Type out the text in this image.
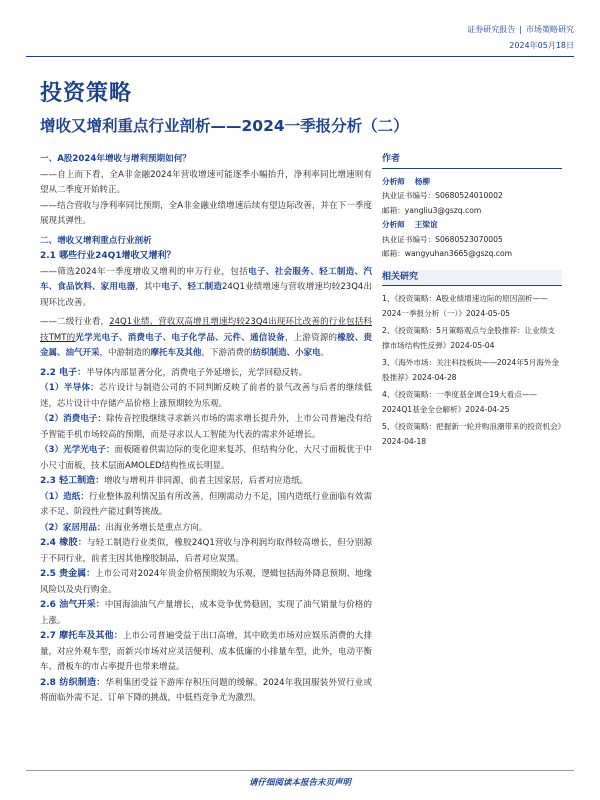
证券研究报告 | 市场策略研究
2024年05月18日
投资策略
增收又增利重点行业剖析——2024一季报分析（二）

一、A股2024年增收与增利预期如何？

——自上而下看，全A非金融2024年营收增速可能逐季小幅抬升，净利率同比增速则有望从二季度开始转正。

——结合营收与净利率同比预期，全A非金融业绩增速后续有望边际改善，并在下一季度展现其弹性。

二、增收又增利重点行业剖析

2.1 哪些行业24Q1增收又增利？

——筛选2024年一季度增收又增利的申万行业，包括电子、社会服务、轻工制造、汽车、食品饮料、家用电器，其中电子、轻工制造24Q1业绩增速与营收增速均较23Q4出现环比改善。

——二级行业看，24Q1业绩、营收双高增且增速均较23Q4出现环比改善的行业包括科技TMT的光学光电子、消费电子、电子化学品、元件、通信设备，上游资源的橡胶、贵金属、油气开采，中游制造的摩托车及其他，下游消费的纺织制造、小家电。

2.2 电子：半导体内部显著分化，消费电子外延增长，光学回稳反转。

（1）半导体：芯片设计与制造公司的不同判断反映了前者的景气改善与后者的继续低迷，芯片设计中存储产品价格上涨预期较为乐观。

（2）消费电子：除传音控股继续寻求新兴市场的需求增长提升外，上市公司普遍没有给予智能手机市场较高的预期，而是寻求以人工智能为代表的需求外延增长。

（3）光学光电子：面板随着供需边际的变化迎来复苏，但结构分化，大尺寸面板优于中小尺寸面板，技术层面AMOLED结构性成长明显。

2.3 轻工制造：增收与增利并非同源，前者主因家居，后者对应造纸。

（1）造纸：行业整体盈利情况虽有所改善，但刚需动力不足，国内造纸行业面临有效需求不足、阶段性产能过剩等挑战。

（2）家居用品：出海业务增长是重点方向。

2.4 橡胶：与轻工制造行业类似，橡胶24Q1营收与净利润均取得较高增长，但分别源于不同行业，前者主因其他橡胶制品，后者对应炭黑。

2.5 贵金属：上市公司对2024年贵金价格预期较为乐观，逻辑包括海外降息预期、地缘风险以及央行购金。

2.6 油气开采：中国海油油气产量增长，成本竞争优势稳固，实现了油气销量与价格的上涨。

2.7 摩托车及其他：上市公司普遍受益于出口高增，其中欧美市场对应娱乐消费的大排量，对应外观车型，而新兴市场对应灵活便利、成本低廉的小排量车型，此外，电动平衡车、滑板车的市占率提升也带来增益。

2.8 纺织制造：华利集团受益下游库存积压问题的缓解。2024年我国服装外贸行业或将面临外需不足、订单下降的挑战，中低档竞争尤为激烈。

作者
分析师 杨柳
执业证书编号：S0680524010002
邮箱：yangliu3@gszq.com
分析师 王梁谊
执业证书编号：S0680523070005
邮箱：wangyuhan3665@gszq.com
相关研究
1、《投资策略：A股业绩增速边际的原因剖析——2024一季报分析（一）》2024-05-05
2、《投资策略：5月策略观点与金股推荐：让业绩支撑市场结构性反弹》2024-05-04
3、《海外市场：关注科技板块——2024年5月海外金股推荐》2024-04-28
4、《投资策略：一季度基金调仓19大看点——2024Q1基金全仓解析》2024-04-25
5、《投资策略：把握新一轮并购浪潮带来的投资机会》2024-04-18
请仔细阅读本报告末页声明
